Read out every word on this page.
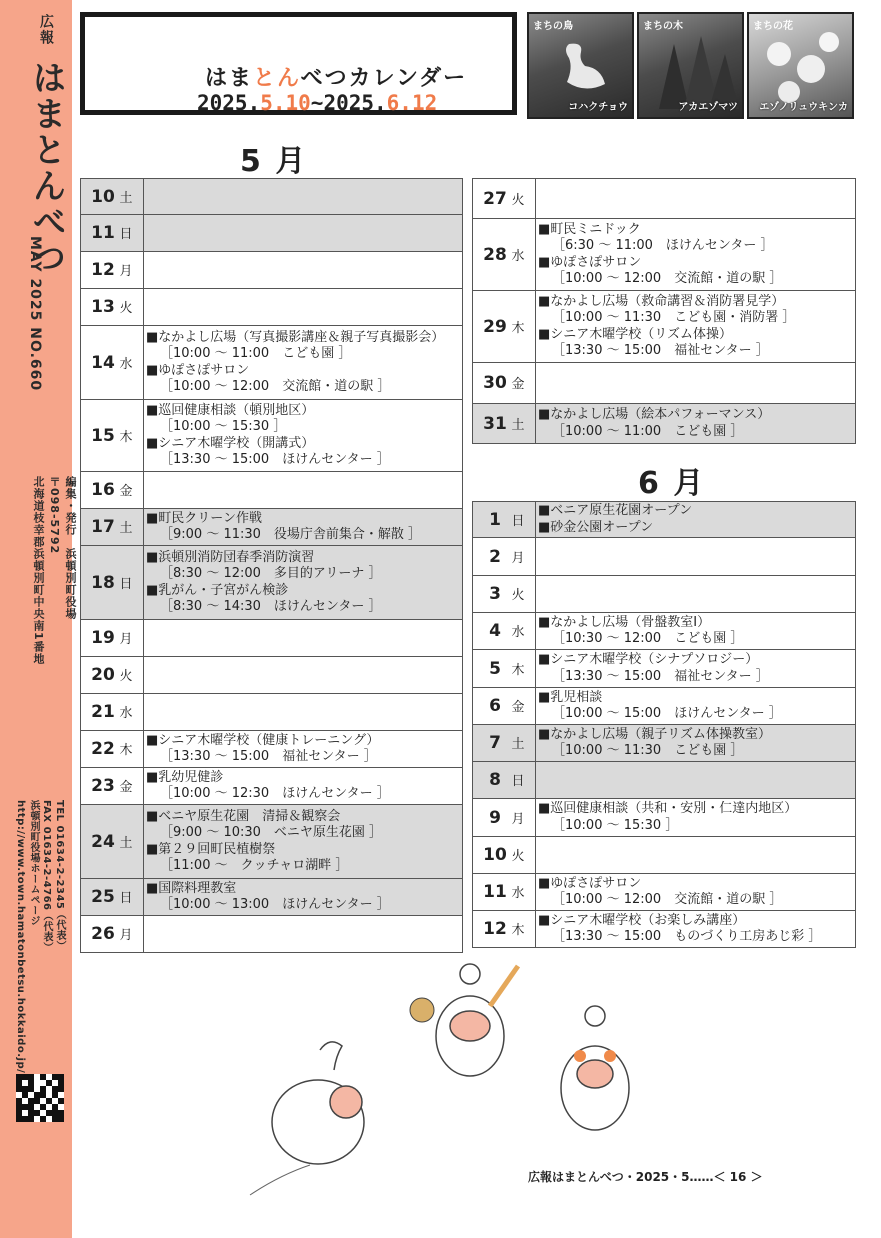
広報 はまとんべつ
MAY 2025 NO.660
編集・発行　浜頓別町役場
〒098-5792
北海道枝幸郡浜頓別町中央南1番地
TEL 01634-2-2345（代表）
FAX 01634-2-4766（代表）
浜頓別町役場ホームページ
http://www.town.hamatonbetsu.hokkaido.jp/
はまとんべつカレンダー
2025.5.10~2025.6.12
まちの鳥
コハクチョウ
まちの木
アカエゾマツ
まちの花
エゾノリュウキンカ
5 月
6 月
10 土	
11 日	
12 月	
13 火	
14 水	■なかよし広場（写真撮影講座＆親子写真撮影会）
［10:00 ～ 11:00　こども園 ］
■ゆぽさぽサロン
［10:00 ～ 12:00　交流館・道の駅 ］

15 木	■巡回健康相談（頓別地区）
［10:00 ～ 15:30 ］
■シニア木曜学校（開講式）
［13:30 ～ 15:00　ほけんセンター ］

16 金	
17 土	■町民クリーン作戦
［9:00 ～ 11:30　役場庁舎前集合・解散 ］

18 日	■浜頓別消防団春季消防演習
［8:30 ～ 12:00　多目的アリーナ ］
■乳がん・子宮がん検診
［8:30 ～ 14:30　ほけんセンター ］

19 月	
20 火	
21 水	
22 木	■シニア木曜学校（健康トレーニング）
［13:30 ～ 15:00　福祉センター ］

23 金	■乳幼児健診
［10:00 ～ 12:30　ほけんセンター ］

24 土	■ベニヤ原生花園　清掃＆観察会
［9:00 ～ 10:30　ベニヤ原生花園 ］
■第２９回町民植樹祭
［11:00 ～　クッチャロ湖畔 ］

25 日	■国際料理教室
［10:00 ～ 13:00　ほけんセンター ］

26 月	
27 火	
28 水	■町民ミニドック
［6:30 ～ 11:00　ほけんセンター ］
■ゆぽさぽサロン
［10:00 ～ 12:00　交流館・道の駅 ］

29 木	■なかよし広場（救命講習＆消防署見学）
［10:00 ～ 11:30　こども園・消防署 ］
■シニア木曜学校（リズム体操）
［13:30 ～ 15:00　福祉センター ］

30 金	
31 土	■なかよし広場（絵本パフォーマンス）
［10:00 ～ 11:00　こども園 ］
1 日	■ベニア原生花園オープン
■砂金公園オープン

2 月	
3 火	
4 水	■なかよし広場（骨盤教室Ⅰ）
［10:30 ～ 12:00　こども園 ］

5 木	■シニア木曜学校（シナプソロジー）
［13:30 ～ 15:00　福祉センター ］

6 金	■乳児相談
［10:00 ～ 15:00　ほけんセンター ］

7 土	■なかよし広場（親子リズム体操教室）
［10:00 ～ 11:30　こども園 ］

8 日	
9 月	■巡回健康相談（共和・安別・仁達内地区）
［10:00 ～ 15:30 ］

10 火	
11 水	■ゆぽさぽサロン
［10:00 ～ 12:00　交流館・道の駅 ］

12 木	■シニア木曜学校（お楽しみ講座）
［13:30 ～ 15:00　ものづくり工房あじ彩 ］
広報はまとんべつ・2025・5……＜ 16 ＞
